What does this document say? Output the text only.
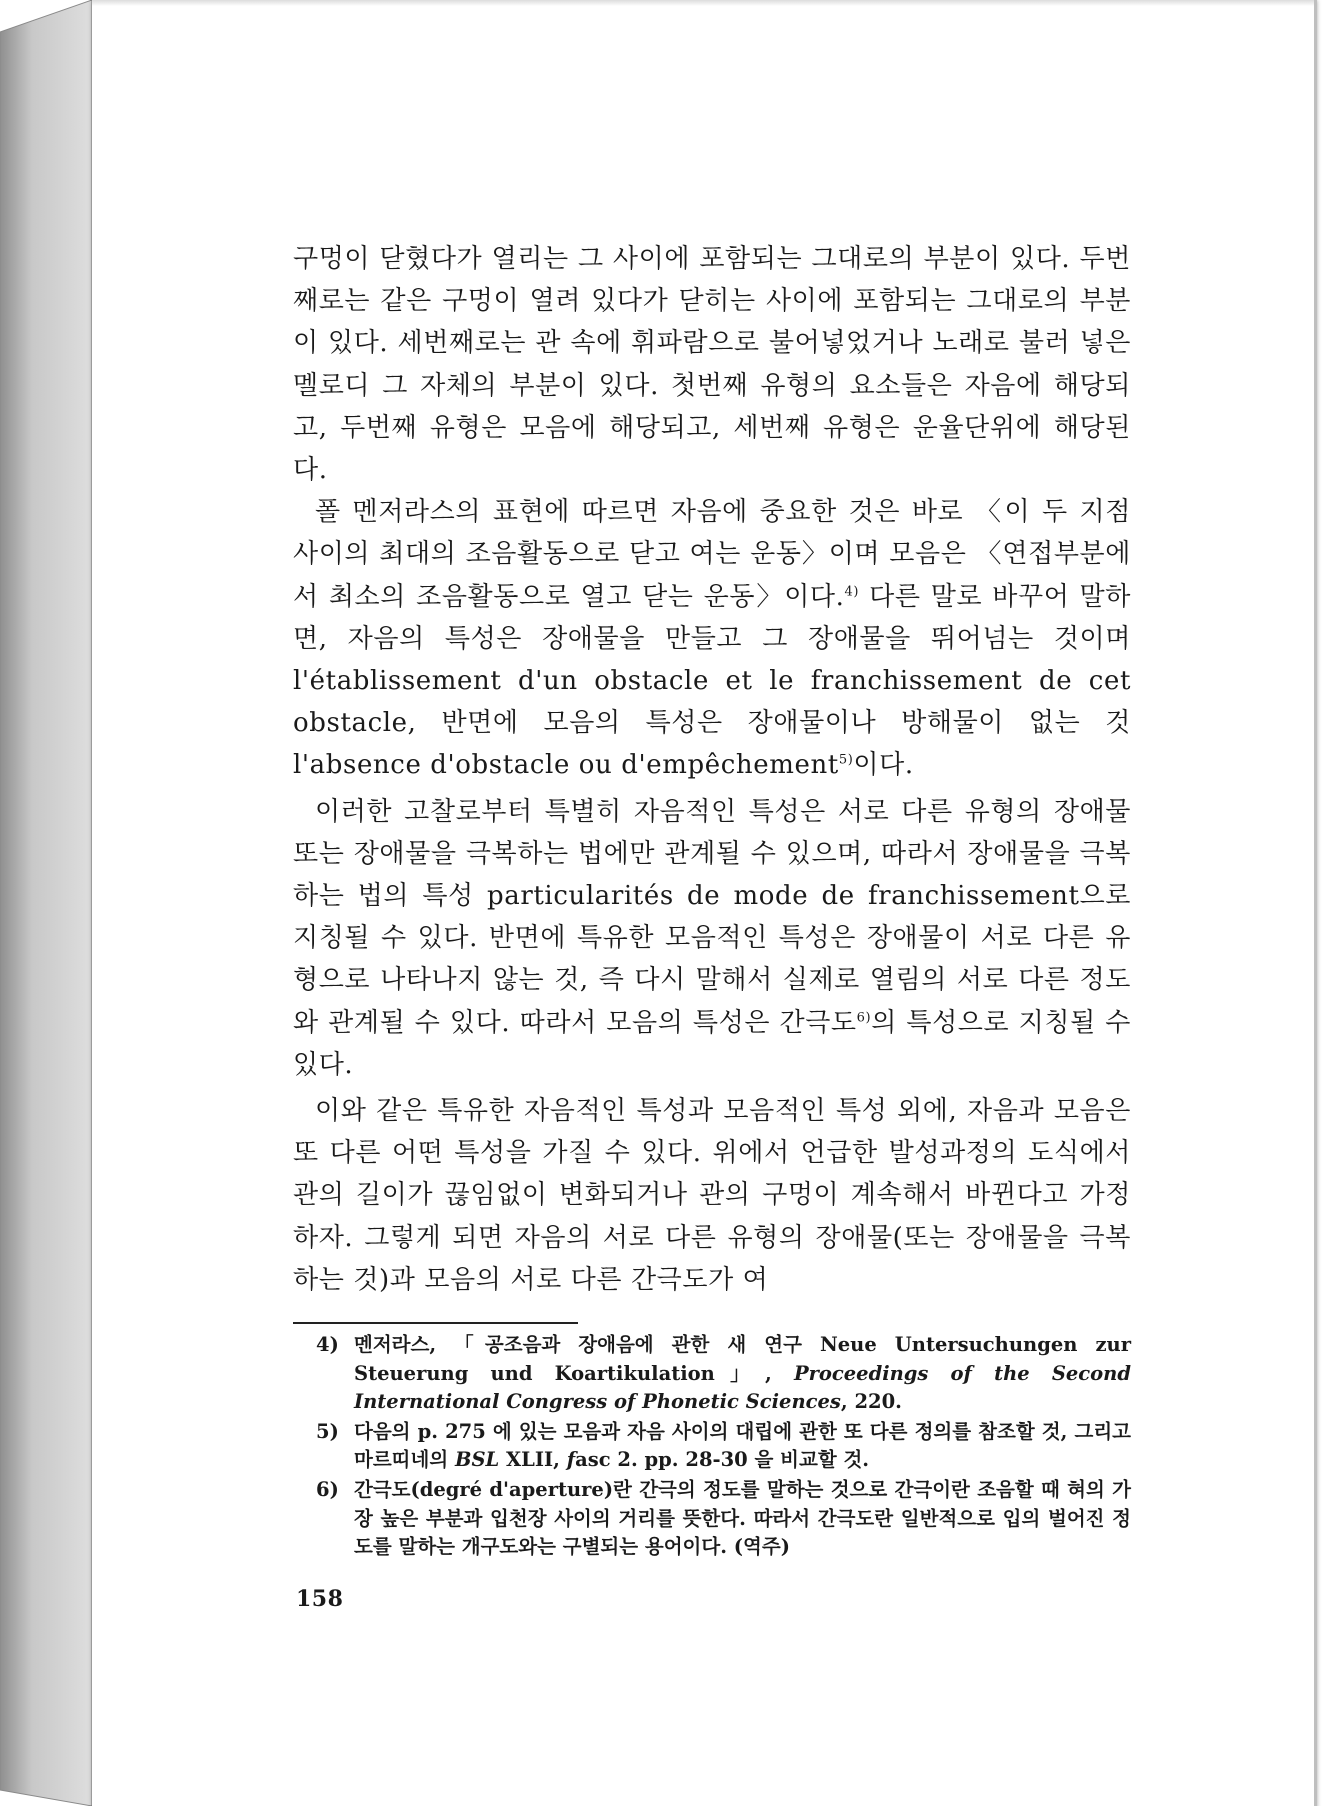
구멍이 닫혔다가 열리는 그 사이에 포함되는 그대로의 부분이 있다. 두번째로는 같은 구멍이 열려 있다가 닫히는 사이에 포함되는 그대로의 부분이 있다. 세번째로는 관 속에 휘파람으로 불어넣었거나 노래로 불러 넣은 멜로디 그 자체의 부분이 있다. 첫번째 유형의 요소들은 자음에 해당되고, 두번째 유형은 모음에 해당되고, 세번째 유형은 운율단위에 해당된다.

폴 멘저라스의 표현에 따르면 자음에 중요한 것은 바로 〈이 두 지점 사이의 최대의 조음활동으로 닫고 여는 운동〉이며 모음은 〈연접부분에서 최소의 조음활동으로 열고 닫는 운동〉이다.$^{4)}$ 다른 말로 바꾸어 말하면, 자음의 특성은 장애물을 만들고 그 장애물을 뛰어넘는 것이며 l'établissement d'un obstacle et le franchissement de cet obstacle, 반면에 모음의 특성은 장애물이나 방해물이 없는 것 l'absence d'obstacle ou d'empêchement$^{5)}$이다.

이러한 고찰로부터 특별히 자음적인 특성은 서로 다른 유형의 장애물 또는 장애물을 극복하는 법에만 관계될 수 있으며, 따라서 장애물을 극복하는 법의 특성 particularités de mode de franchissement으로 지칭될 수 있다. 반면에 특유한 모음적인 특성은 장애물이 서로 다른 유형으로 나타나지 않는 것, 즉 다시 말해서 실제로 열림의 서로 다른 정도와 관계될 수 있다. 따라서 모음의 특성은 간극도$^{6)}$의 특성으로 지칭될 수 있다.

이와 같은 특유한 자음적인 특성과 모음적인 특성 외에, 자음과 모음은 또 다른 어떤 특성을 가질 수 있다. 위에서 언급한 발성과정의 도식에서 관의 길이가 끊임없이 변화되거나 관의 구멍이 계속해서 바뀐다고 가정하자. 그렇게 되면 자음의 서로 다른 유형의 장애물(또는 장애물을 극복하는 것)과 모음의 서로 다른 간극도가 여

4) 멘저라스, 「공조음과 장애음에 관한 새 연구 Neue Untersuchungen zur Steuerung und Koartikulation」, Proceedings of the Second International Congress of Phonetic Sciences, 220.
5) 다음의 p. 275 에 있는 모음과 자음 사이의 대립에 관한 또 다른 정의를 참조할 것, 그리고 마르띠네의 BSL XLII, fasc 2. pp. 28-30 을 비교할 것.
6) 간극도(degré d'aperture)란 간극의 정도를 말하는 것으로 간극이란 조음할 때 혀의 가장 높은 부분과 입천장 사이의 거리를 뜻한다. 따라서 간극도란 일반적으로 입의 벌어진 정도를 말하는 개구도와는 구별되는 용어이다. (역주)
158
